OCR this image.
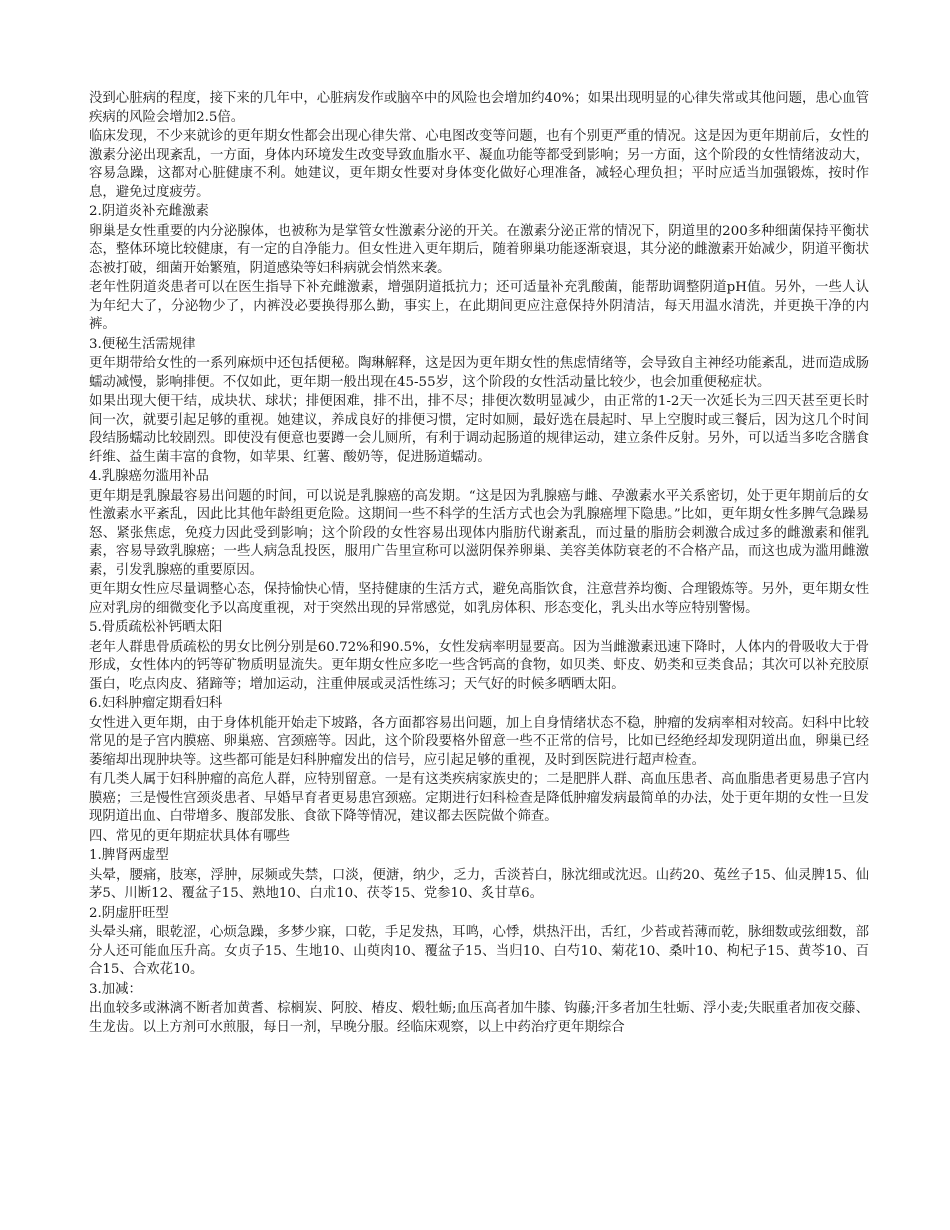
没到心脏病的程度，接下来的几年中，心脏病发作或脑卒中的风险也会增加约40%；如果出现明显的心律失常或其他问题，患心血管疾病的风险会增加2.5倍。

临床发现，不少来就诊的更年期女性都会出现心律失常、心电图改变等问题，也有个别更严重的情况。这是因为更年期前后，女性的激素分泌出现紊乱，一方面，身体内环境发生改变导致血脂水平、凝血功能等都受到影响；另一方面，这个阶段的女性情绪波动大，容易急躁，这都对心脏健康不利。她建议，更年期女性要对身体变化做好心理准备，减轻心理负担；平时应适当加强锻炼，按时作息，避免过度疲劳。

2.阴道炎补充雌激素

卵巢是女性重要的内分泌腺体，也被称为是掌管女性激素分泌的开关。在激素分泌正常的情况下，阴道里的200多种细菌保持平衡状态，整体环境比较健康，有一定的自净能力。但女性进入更年期后，随着卵巢功能逐渐衰退，其分泌的雌激素开始减少，阴道平衡状态被打破，细菌开始繁殖，阴道感染等妇科病就会悄然来袭。

老年性阴道炎患者可以在医生指导下补充雌激素，增强阴道抵抗力；还可适量补充乳酸菌，能帮助调整阴道pH值。另外，一些人认为年纪大了，分泌物少了，内裤没必要换得那么勤，事实上，在此期间更应注意保持外阴清洁，每天用温水清洗，并更换干净的内裤。

3.便秘生活需规律

更年期带给女性的一系列麻烦中还包括便秘。陶琳解释，这是因为更年期女性的焦虑情绪等，会导致自主神经功能紊乱，进而造成肠蠕动减慢，影响排便。不仅如此，更年期一般出现在45-55岁，这个阶段的女性活动量比较少，也会加重便秘症状。

如果出现大便干结，成块状、球状；排便困难，排不出，排不尽；排便次数明显减少，由正常的1-2天一次延长为三四天甚至更长时间一次，就要引起足够的重视。她建议，养成良好的排便习惯，定时如厕，最好选在晨起时、早上空腹时或三餐后，因为这几个时间段结肠蠕动比较剧烈。即使没有便意也要蹲一会儿厕所，有利于调动起肠道的规律运动，建立条件反射。另外，可以适当多吃含膳食纤维、益生菌丰富的食物，如苹果、红薯、酸奶等，促进肠道蠕动。

4.乳腺癌勿滥用补品

更年期是乳腺最容易出问题的时间，可以说是乳腺癌的高发期。“这是因为乳腺癌与雌、孕激素水平关系密切，处于更年期前后的女性激素水平紊乱，因此比其他年龄组更危险。这期间一些不科学的生活方式也会为乳腺癌埋下隐患。”比如，更年期女性多脾气急躁易怒、紧张焦虑，免疫力因此受到影响；这个阶段的女性容易出现体内脂肪代谢紊乱，而过量的脂肪会刺激合成过多的雌激素和催乳素，容易导致乳腺癌；一些人病急乱投医，服用广告里宣称可以滋阴保养卵巢、美容美体防衰老的不合格产品，而这也成为滥用雌激素，引发乳腺癌的重要原因。

更年期女性应尽量调整心态，保持愉快心情，坚持健康的生活方式，避免高脂饮食，注意营养均衡、合理锻炼等。另外，更年期女性应对乳房的细微变化予以高度重视，对于突然出现的异常感觉，如乳房体积、形态变化，乳头出水等应特别警惕。

5.骨质疏松补钙晒太阳

老年人群患骨质疏松的男女比例分别是60.72%和90.5%，女性发病率明显要高。因为当雌激素迅速下降时，人体内的骨吸收大于骨形成，女性体内的钙等矿物质明显流失。更年期女性应多吃一些含钙高的食物，如贝类、虾皮、奶类和豆类食品；其次可以补充胶原蛋白，吃点肉皮、猪蹄等；增加运动，注重伸展或灵活性练习；天气好的时候多晒晒太阳。

6.妇科肿瘤定期看妇科

女性进入更年期，由于身体机能开始走下坡路，各方面都容易出问题，加上自身情绪状态不稳，肿瘤的发病率相对较高。妇科中比较常见的是子宫内膜癌、卵巢癌、宫颈癌等。因此，这个阶段要格外留意一些不正常的信号，比如已经绝经却发现阴道出血，卵巢已经萎缩却出现肿块等。这些都可能是妇科肿瘤发出的信号，应引起足够的重视，及时到医院进行超声检查。

有几类人属于妇科肿瘤的高危人群，应特别留意。一是有这类疾病家族史的；二是肥胖人群、高血压患者、高血脂患者更易患子宫内膜癌；三是慢性宫颈炎患者、早婚早育者更易患宫颈癌。定期进行妇科检查是降低肿瘤发病最简单的办法，处于更年期的女性一旦发现阴道出血、白带增多、腹部发胀、食欲下降等情况，建议都去医院做个筛查。

四、常见的更年期症状具体有哪些

1.脾肾两虚型

头晕，腰痛，肢寒，浮肿，尿频或失禁，口淡，便溏，纳少，乏力，舌淡苔白，脉沈细或沈迟。山药20、菟丝子15、仙灵脾15、仙茅5、川断12、覆盆子15、熟地10、白朮10、茯苓15、党参10、炙甘草6。

2.阴虚肝旺型

头晕头痛，眼乾涩，心烦急躁，多梦少寐，口乾，手足发热，耳鸣，心悸，烘热汗出，舌红，少苔或苔薄而乾，脉细数或弦细数，部分人还可能血压升高。女贞子15、生地10、山萸肉10、覆盆子15、当归10、白芍10、菊花10、桑叶10、枸杞子15、黄芩10、百合15、合欢花10。

3.加减：

出血较多或淋漓不断者加黄耆、棕榈炭、阿胶、椿皮、煅牡蛎;血压高者加牛膝、钩藤;汗多者加生牡蛎、浮小麦;失眠重者加夜交藤、生龙齿。以上方剂可水煎服，每日一剂，早晚分服。经临床观察，以上中药治疗更年期综合
